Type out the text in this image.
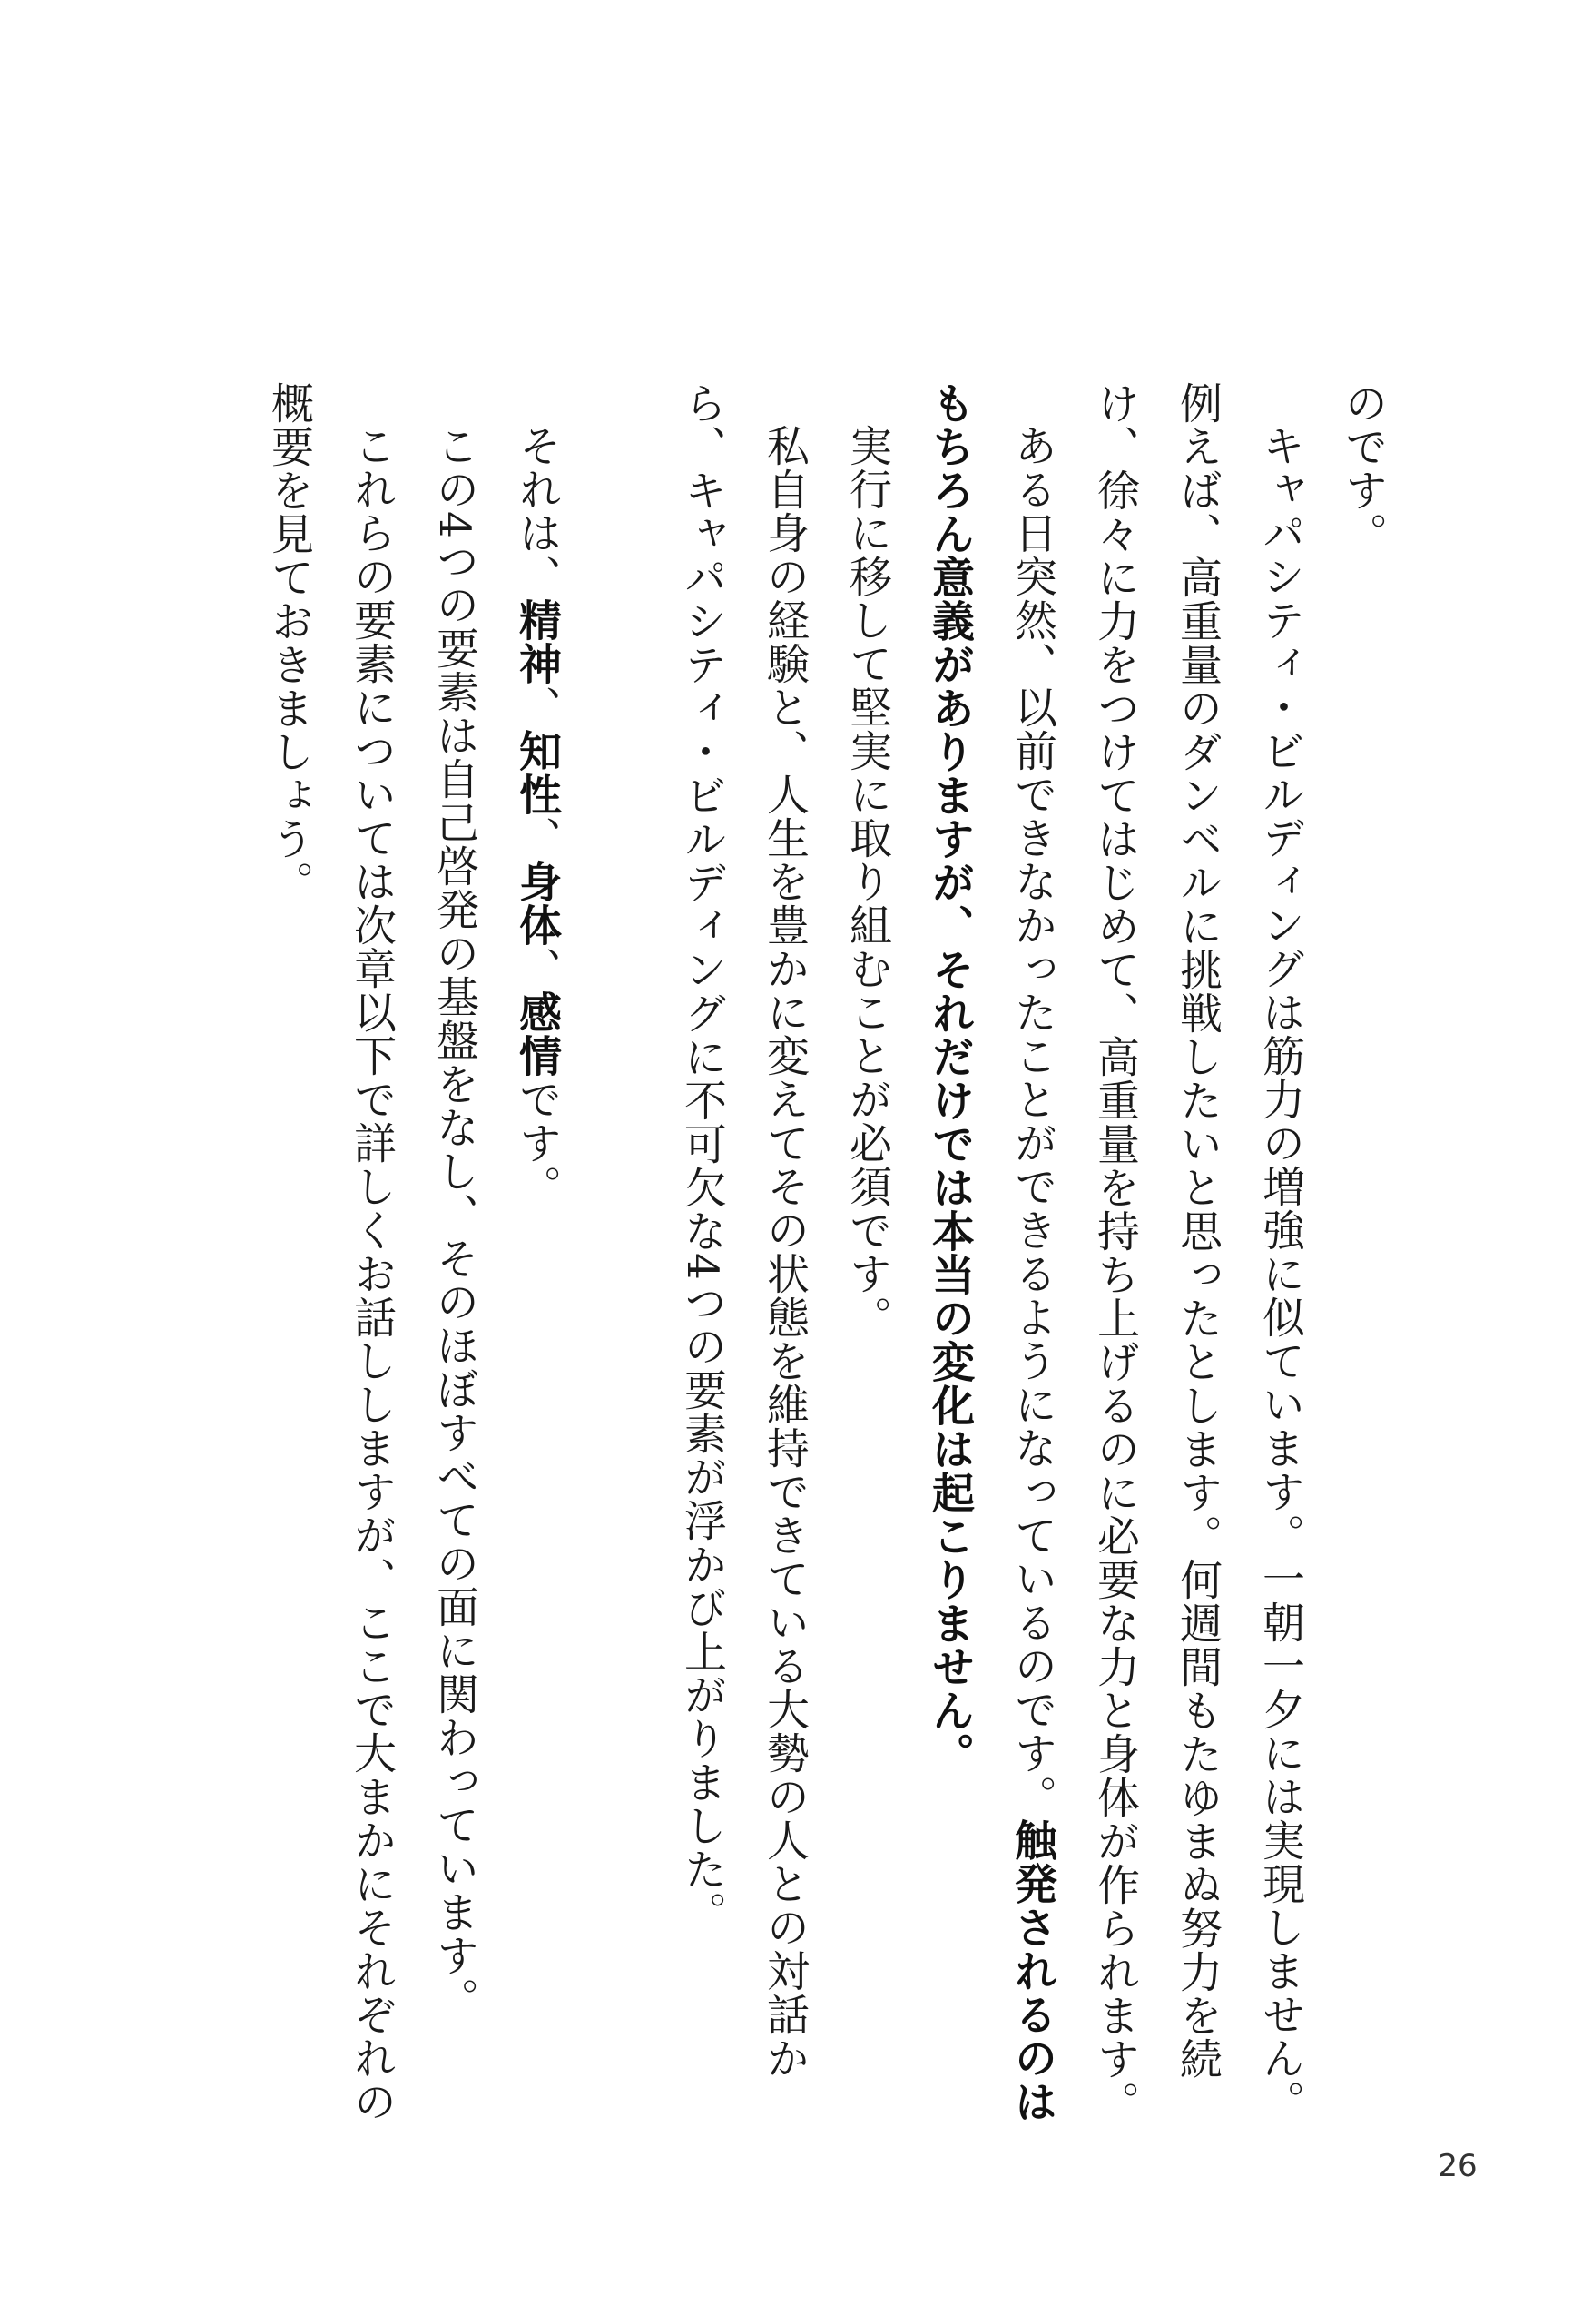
のです。

キャパシティ・ビルディングは筋力の増強に似ています。一朝一夕には実現しません。例えば、高重量のダンベルに挑戦したいと思ったとします。何週間もたゆまぬ努力を続け、徐々に力をつけてはじめて、高重量を持ち上げるのに必要な力と身体が作られます。

ある日突然、以前できなかったことができるようになっているのです。触発されるのはもちろん意義がありますが、それだけでは本当の変化は起こりません。

実行に移して堅実に取り組むことが必須です。

私自身の経験と、人生を豊かに変えてその状態を維持できている大勢の人との対話から、キャパシティ・ビルディングに不可欠な4つの要素が浮かび上がりました。

それは、精神、知性、身体、感情です。

この4つの要素は自己啓発の基盤をなし、そのほぼすべての面に関わっています。

これらの要素については次章以下で詳しくお話ししますが、ここで大まかにそれぞれの概要を見ておきましょう。

26
